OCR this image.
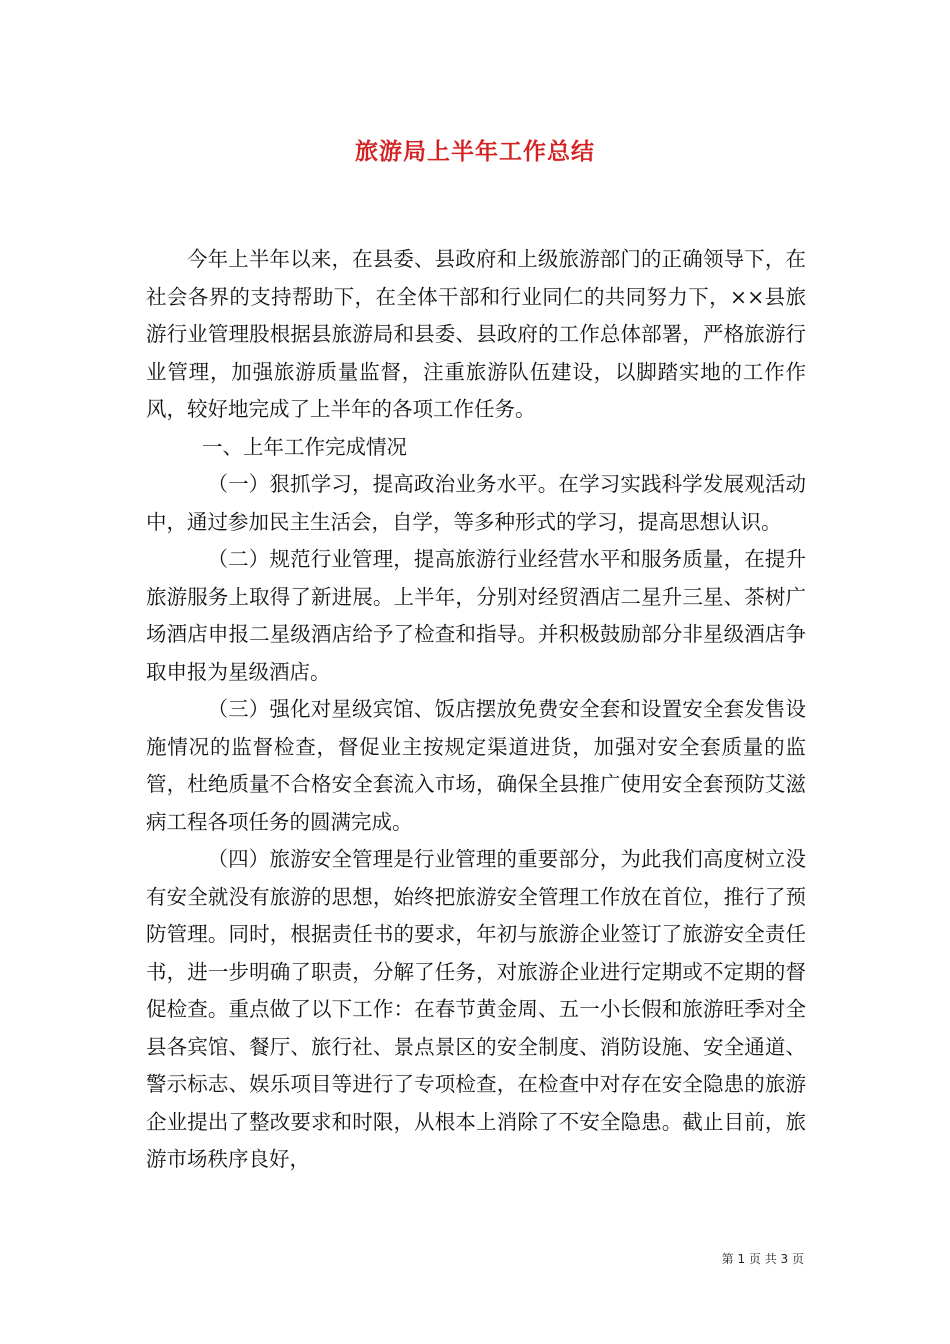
旅游局上半年工作总结

今年上半年以来，在县委、县政府和上级旅游部门的正确领导下，在社会各界的支持帮助下，在全体干部和行业同仁的共同努力下，××县旅游行业管理股根据县旅游局和县委、县政府的工作总体部署，严格旅游行业管理，加强旅游质量监督，注重旅游队伍建设，以脚踏实地的工作作风，较好地完成了上半年的各项工作任务。

一、上年工作完成情况

（一）狠抓学习，提高政治业务水平。在学习实践科学发展观活动中，通过参加民主生活会，自学，等多种形式的学习，提高思想认识。

（二）规范行业管理，提高旅游行业经营水平和服务质量，在提升旅游服务上取得了新进展。上半年，分别对经贸酒店二星升三星、茶树广场酒店申报二星级酒店给予了检查和指导。并积极鼓励部分非星级酒店争取申报为星级酒店。

（三）强化对星级宾馆、饭店摆放免费安全套和设置安全套发售设施情况的监督检查，督促业主按规定渠道进货，加强对安全套质量的监管，杜绝质量不合格安全套流入市场，确保全县推广使用安全套预防艾滋病工程各项任务的圆满完成。

（四）旅游安全管理是行业管理的重要部分，为此我们高度树立没有安全就没有旅游的思想，始终把旅游安全管理工作放在首位，推行了预防管理。同时，根据责任书的要求，年初与旅游企业签订了旅游安全责任书，进一步明确了职责，分解了任务，对旅游企业进行定期或不定期的督促检查。重点做了以下工作：在春节黄金周、五一小长假和旅游旺季对全县各宾馆、餐厅、旅行社、景点景区的安全制度、消防设施、安全通道、警示标志、娱乐项目等进行了专项检查，在检查中对存在安全隐患的旅游企业提出了整改要求和时限，从根本上消除了不安全隐患。截止目前，旅游市场秩序良好，

第 1 页 共 3 页
